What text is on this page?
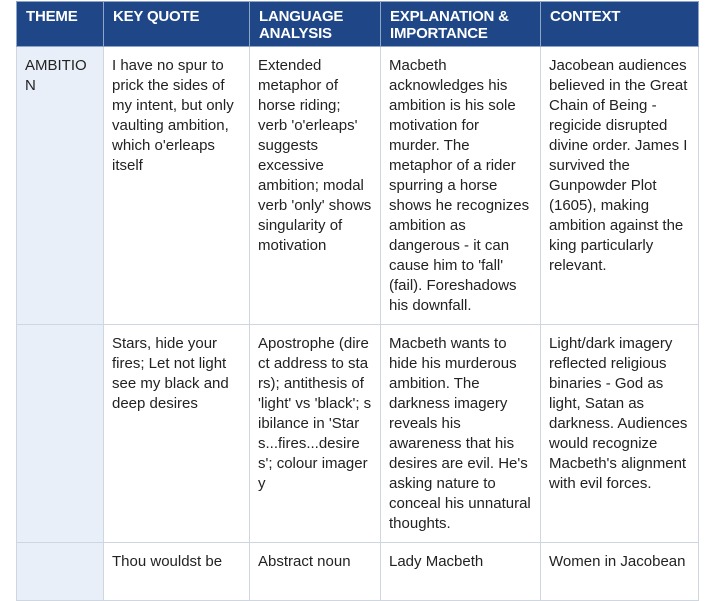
THEME	KEY QUOTE	LANGUAGE ANALYSIS	EXPLANATION & IMPORTANCE	CONTEXT
AMBITION	I have no spur to prick the sides of my intent, but only vaulting ambition, which o'erleaps itself	Extended metaphor of horse riding; verb 'o'erleaps' suggests excessive ambition; modal verb 'only' shows singularity of motivation	Macbeth acknowledges his ambition is his sole motivation for murder. The metaphor of a rider spurring a horse shows he recognizes ambition as dangerous - it can cause him to 'fall' (fail). Foreshadows his downfall.	Jacobean audiences believed in the Great Chain of Being - regicide disrupted divine order. James I survived the Gunpowder Plot (1605), making ambition against the king particularly relevant.
	Stars, hide your fires; Let not light see my black and deep desires	Apostrophe (direct address to stars); antithesis of 'light' vs 'black'; sibilance in 'Stars...fires...desires'; colour imagery	Macbeth wants to hide his murderous ambition. The darkness imagery reveals his awareness that his desires are evil. He's asking nature to conceal his unnatural thoughts.	Light/dark imagery reflected religious binaries - God as light, Satan as darkness. Audiences would recognize Macbeth's alignment with evil forces.
	Thou wouldst be	Abstract noun	Lady Macbeth	Women in Jacobean
